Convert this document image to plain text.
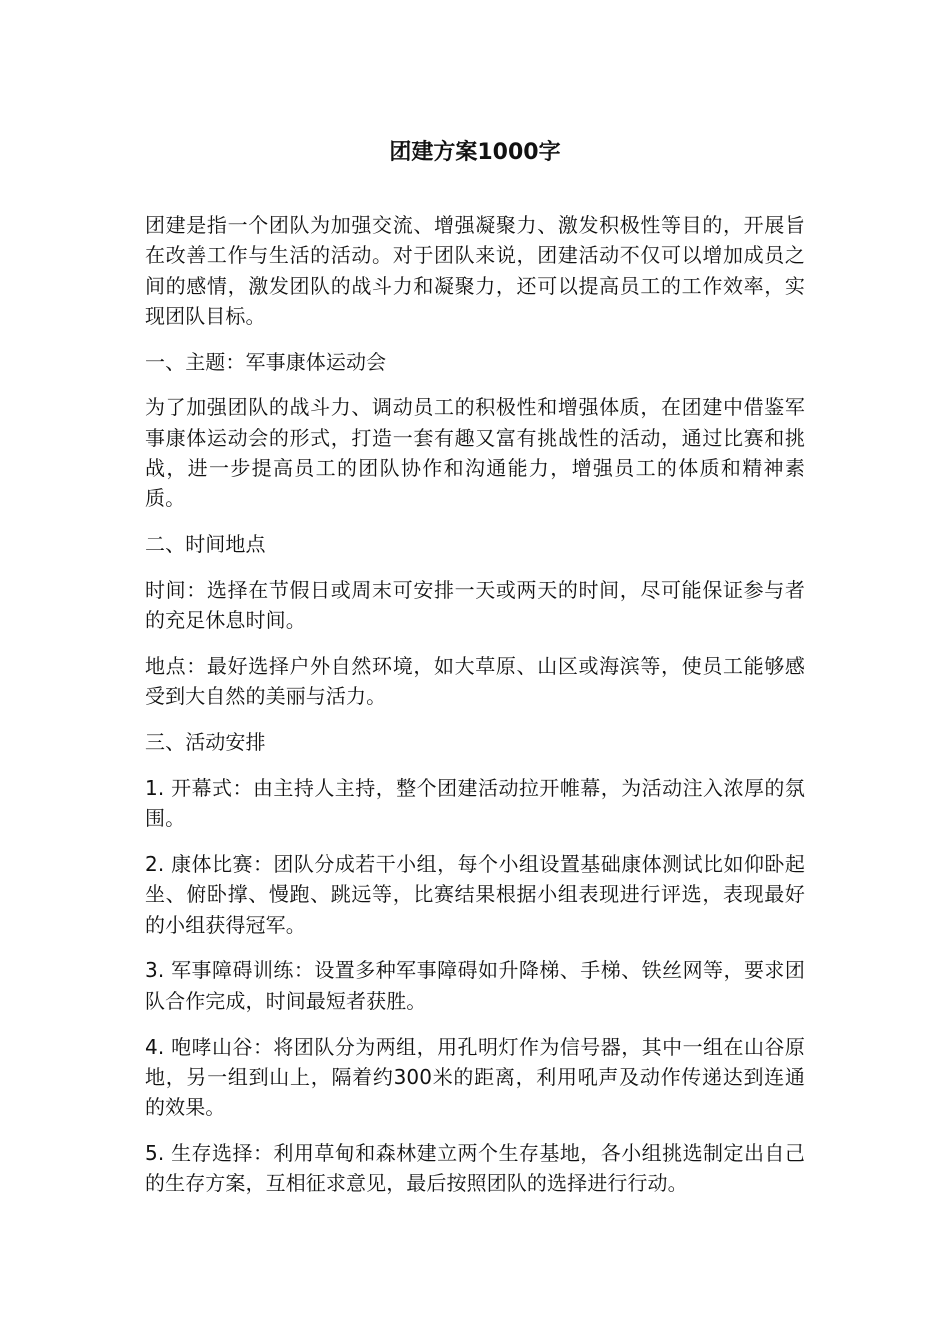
团建方案1000字

团建是指一个团队为加强交流、增强凝聚力、激发积极性等目的，开展旨在改善工作与生活的活动。对于团队来说，团建活动不仅可以增加成员之间的感情，激发团队的战斗力和凝聚力，还可以提高员工的工作效率，实现团队目标。

一、主题：军事康体运动会

为了加强团队的战斗力、调动员工的积极性和增强体质，在团建中借鉴军事康体运动会的形式，打造一套有趣又富有挑战性的活动，通过比赛和挑战，进一步提高员工的团队协作和沟通能力，增强员工的体质和精神素质。

二、时间地点

时间：选择在节假日或周末可安排一天或两天的时间，尽可能保证参与者的充足休息时间。

地点：最好选择户外自然环境，如大草原、山区或海滨等，使员工能够感受到大自然的美丽与活力。

三、活动安排

1. 开幕式：由主持人主持，整个团建活动拉开帷幕，为活动注入浓厚的氛围。

2. 康体比赛：团队分成若干小组，每个小组设置基础康体测试比如仰卧起坐、俯卧撑、慢跑、跳远等，比赛结果根据小组表现进行评选，表现最好的小组获得冠军。

3. 军事障碍训练：设置多种军事障碍如升降梯、手梯、铁丝网等，要求团队合作完成，时间最短者获胜。

4. 咆哮山谷：将团队分为两组，用孔明灯作为信号器，其中一组在山谷原地，另一组到山上，隔着约300米的距离，利用吼声及动作传递达到连通的效果。

5. 生存选择：利用草甸和森林建立两个生存基地，各小组挑选制定出自己的生存方案，互相征求意见，最后按照团队的选择进行行动。
